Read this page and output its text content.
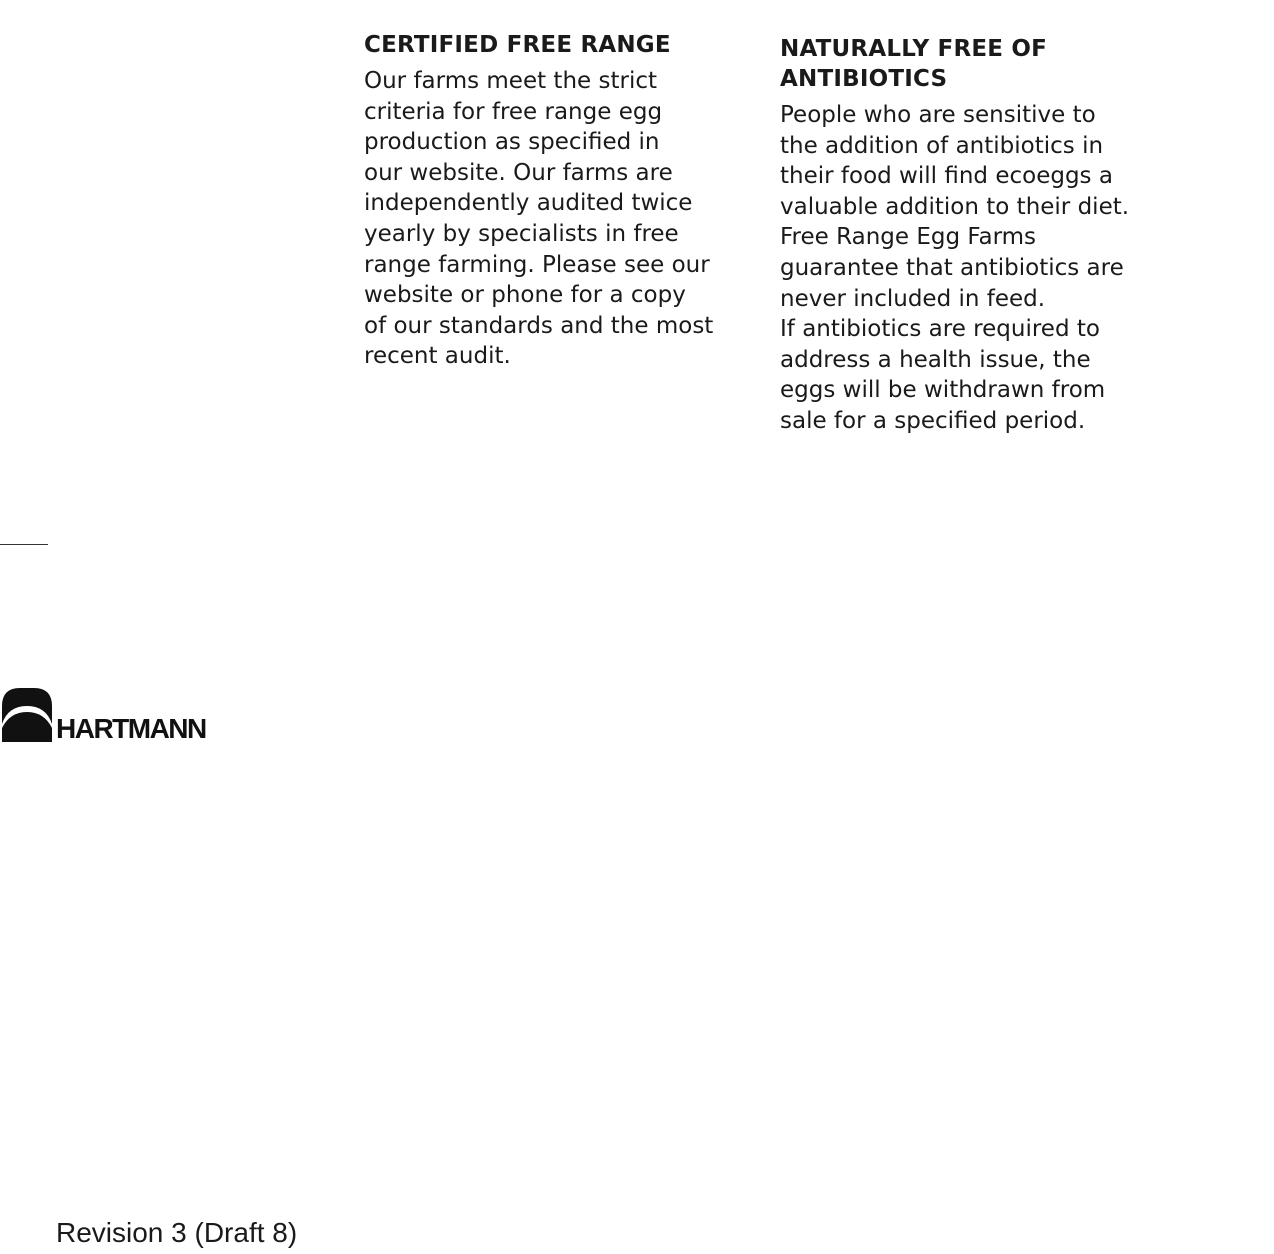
CERTIFIED FREE RANGE

Our farms meet the strict
criteria for free range egg
production as specified in
our website. Our farms are
independently audited twice
yearly by specialists in free
range farming. Please see our
website or phone for a copy
of our standards and the most
recent audit.

NATURALLY FREE OF
ANTIBIOTICS

People who are sensitive to
the addition of antibiotics in
their food will find ecoeggs a
valuable addition to their diet.
Free Range Egg Farms
guarantee that antibiotics are
never included in feed.
If antibiotics are required to
address a health issue, the
eggs will be withdrawn from
sale for a specified period.

HARTMANN
Revision 3 (Draft 8)
